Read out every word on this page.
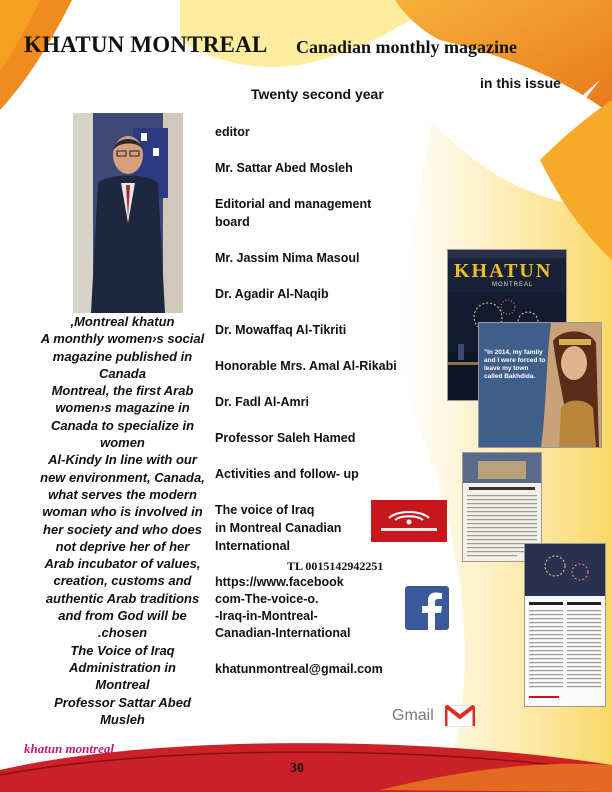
KHATUN MONTREAL Canadian monthly magazine
Twenty second year
in this issue
,Montreal khatun
A monthly women›s social
magazine published in
Canada
Montreal, the first Arab
women›s magazine in
Canada to specialize in
women
Al-Kindy In line with our
new environment, Canada,
what serves the modern
woman who is involved in
her society and who does
not deprive her of her
Arab incubator of values,
creation, customs and
authentic Arab traditions
and from God will be
.chosen
The Voice of Iraq
Administration in
Montreal
Professor Sattar Abed
Musleh
khatun montreal
editor
Mr. Sattar Abed Mosleh
Editorial and management
board
Mr. Jassim Nima Masoul
Dr. Agadir Al-Naqib
Dr. Mowaffaq Al-Tikriti
Honorable Mrs. Amal Al-Rikabi
Dr. Fadl Al-Amri
Professor Saleh Hamed
Activities and follow- up
The voice of Iraq
in Montreal Canadian
International
TL 0015142942251
https://www.facebook
com-The-voice-o.
-Iraq-in-Montreal-
Canadian-International
khatunmontreal@gmail.com
Gmail
KHATUN
MONTREAL
"In 2014, my family and I were forced to leave my town called Bakhdida.
30
